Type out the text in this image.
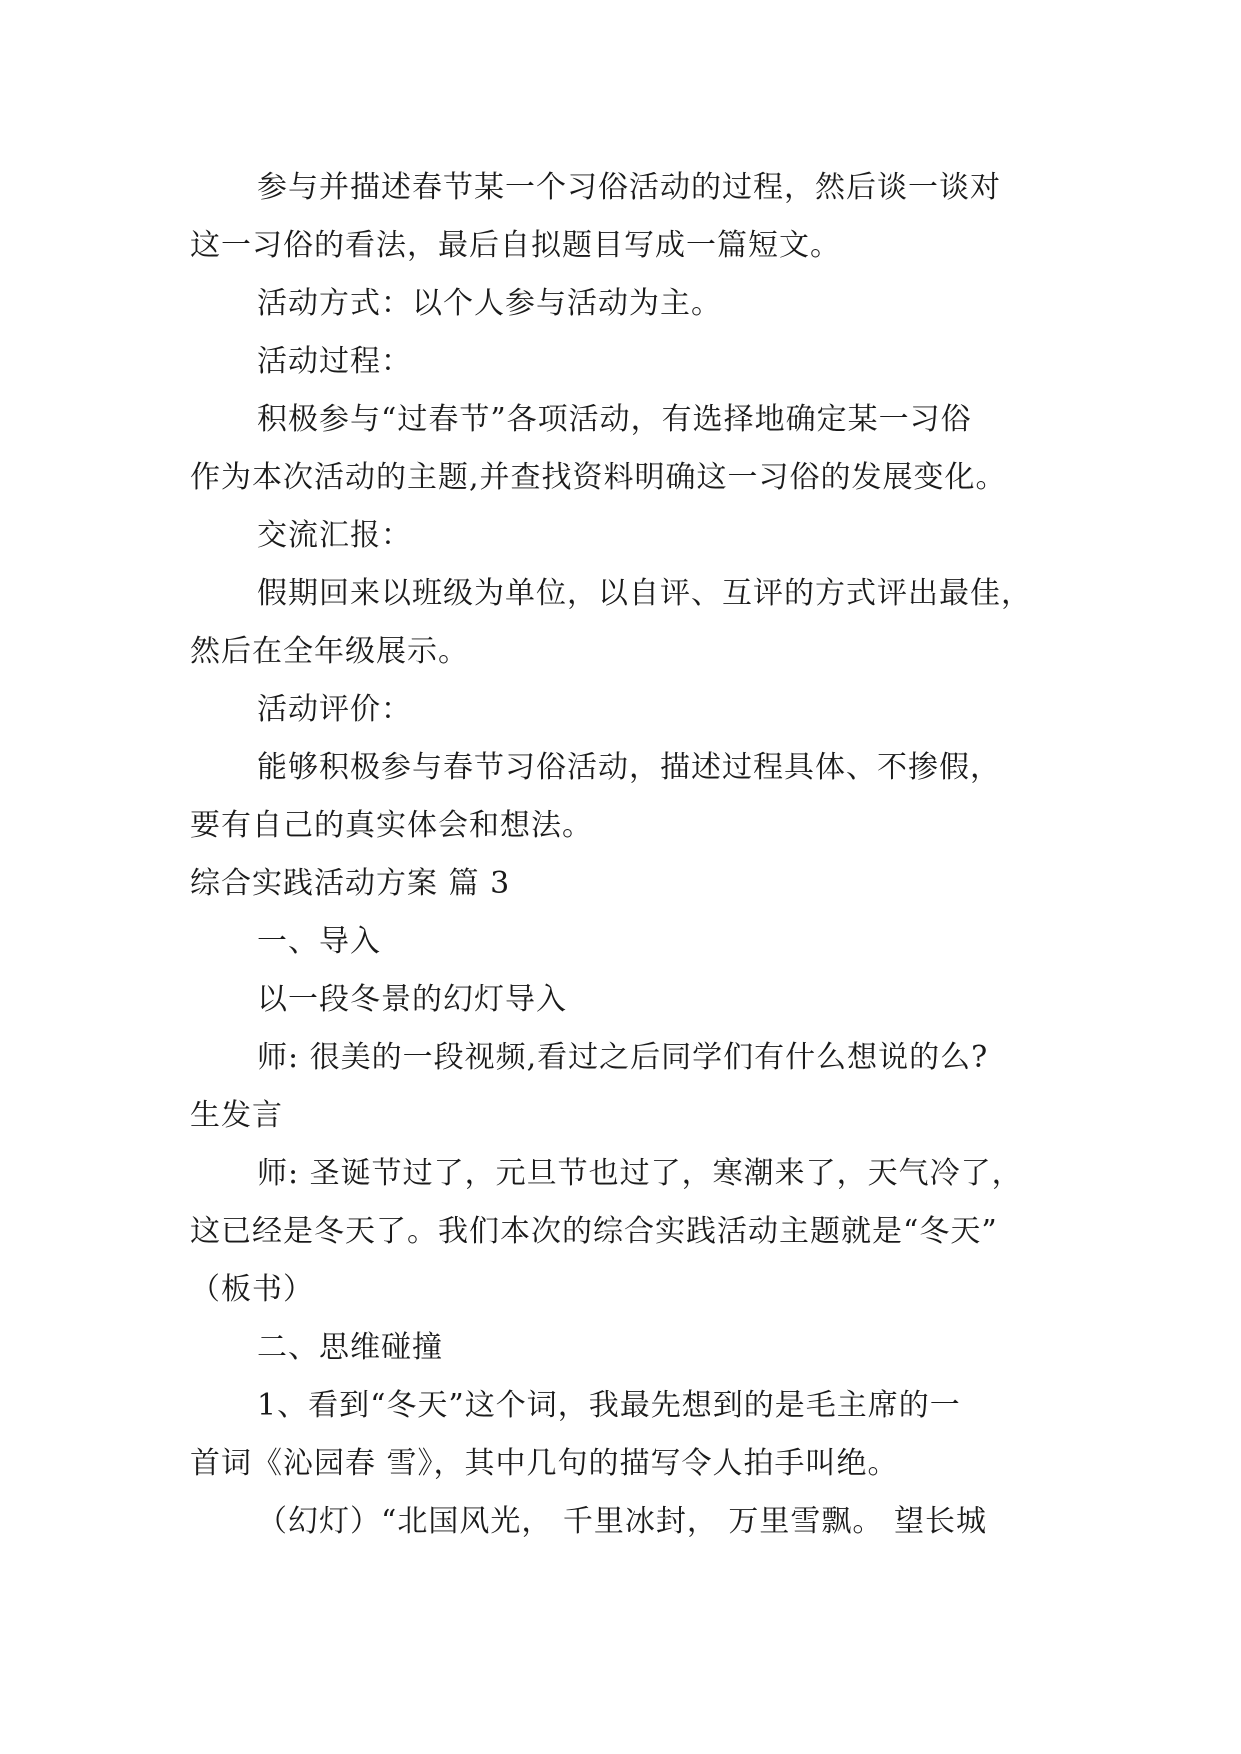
参与并描述春节某一个习俗活动的过程，然后谈一谈对
这一习俗的看法，最后自拟题目写成一篇短文。
活动方式：以个人参与活动为主。
活动过程：
积极参与“过春节”各项活动，有选择地确定某一习俗
作为本次活动的主题,并查找资料明确这一习俗的发展变化。
交流汇报：
假期回来以班级为单位，以自评、互评的方式评出最佳，
然后在全年级展示。
活动评价：
能够积极参与春节习俗活动，描述过程具体、不掺假，
要有自己的真实体会和想法。
综合实践活动方案 篇 3
一、导入
以一段冬景的幻灯导入
师: 很美的一段视频,看过之后同学们有什么想说的么?
生发言
师: 圣诞节过了，元旦节也过了，寒潮来了，天气冷了，
这已经是冬天了。我们本次的综合实践活动主题就是“冬天”
（板书）
二、思维碰撞
1、看到“冬天”这个词，我最先想到的是毛主席的一
首词《沁园春 雪》，其中几句的描写令人拍手叫绝。
（幻灯）“北国风光， 千里冰封， 万里雪飘。 望长城
